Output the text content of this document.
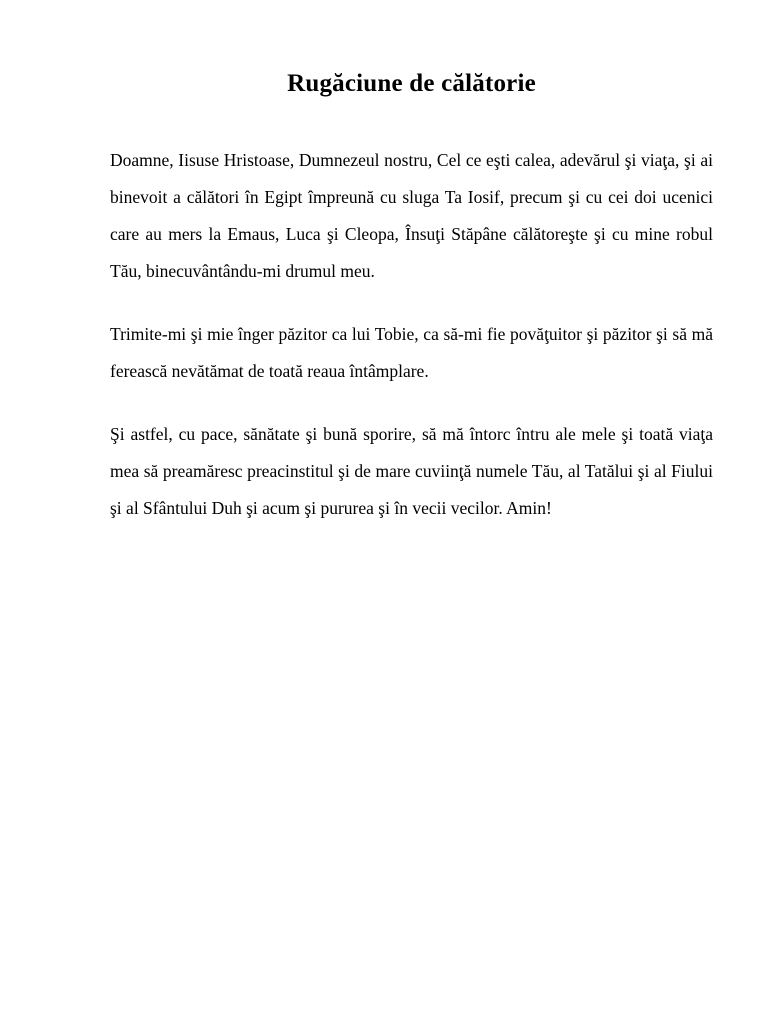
Rugăciune de călătorie

Doamne, Iisuse Hristoase, Dumnezeul nostru, Cel ce eşti calea, adevărul şi viaţa, şi ai binevoit a călători în Egipt împreună cu sluga Ta Iosif, precum şi cu cei doi ucenici care au mers la Emaus, Luca şi Cleopa, Însuţi Stăpâne călătoreşte şi cu mine robul Tău, binecuvântându-mi drumul meu.

Trimite-mi şi mie înger păzitor ca lui Tobie, ca să-mi fie povăţuitor şi păzitor şi să mă ferească nevătămat de toată reaua întâmplare.

Şi astfel, cu pace, sănătate şi bună sporire, să mă întorc întru ale mele şi toată viaţa mea să preamăresc preacinstitul şi de mare cuviinţă numele Tău, al Tatălui şi al Fiului şi al Sfântului Duh şi acum şi pururea şi în vecii vecilor. Amin!
